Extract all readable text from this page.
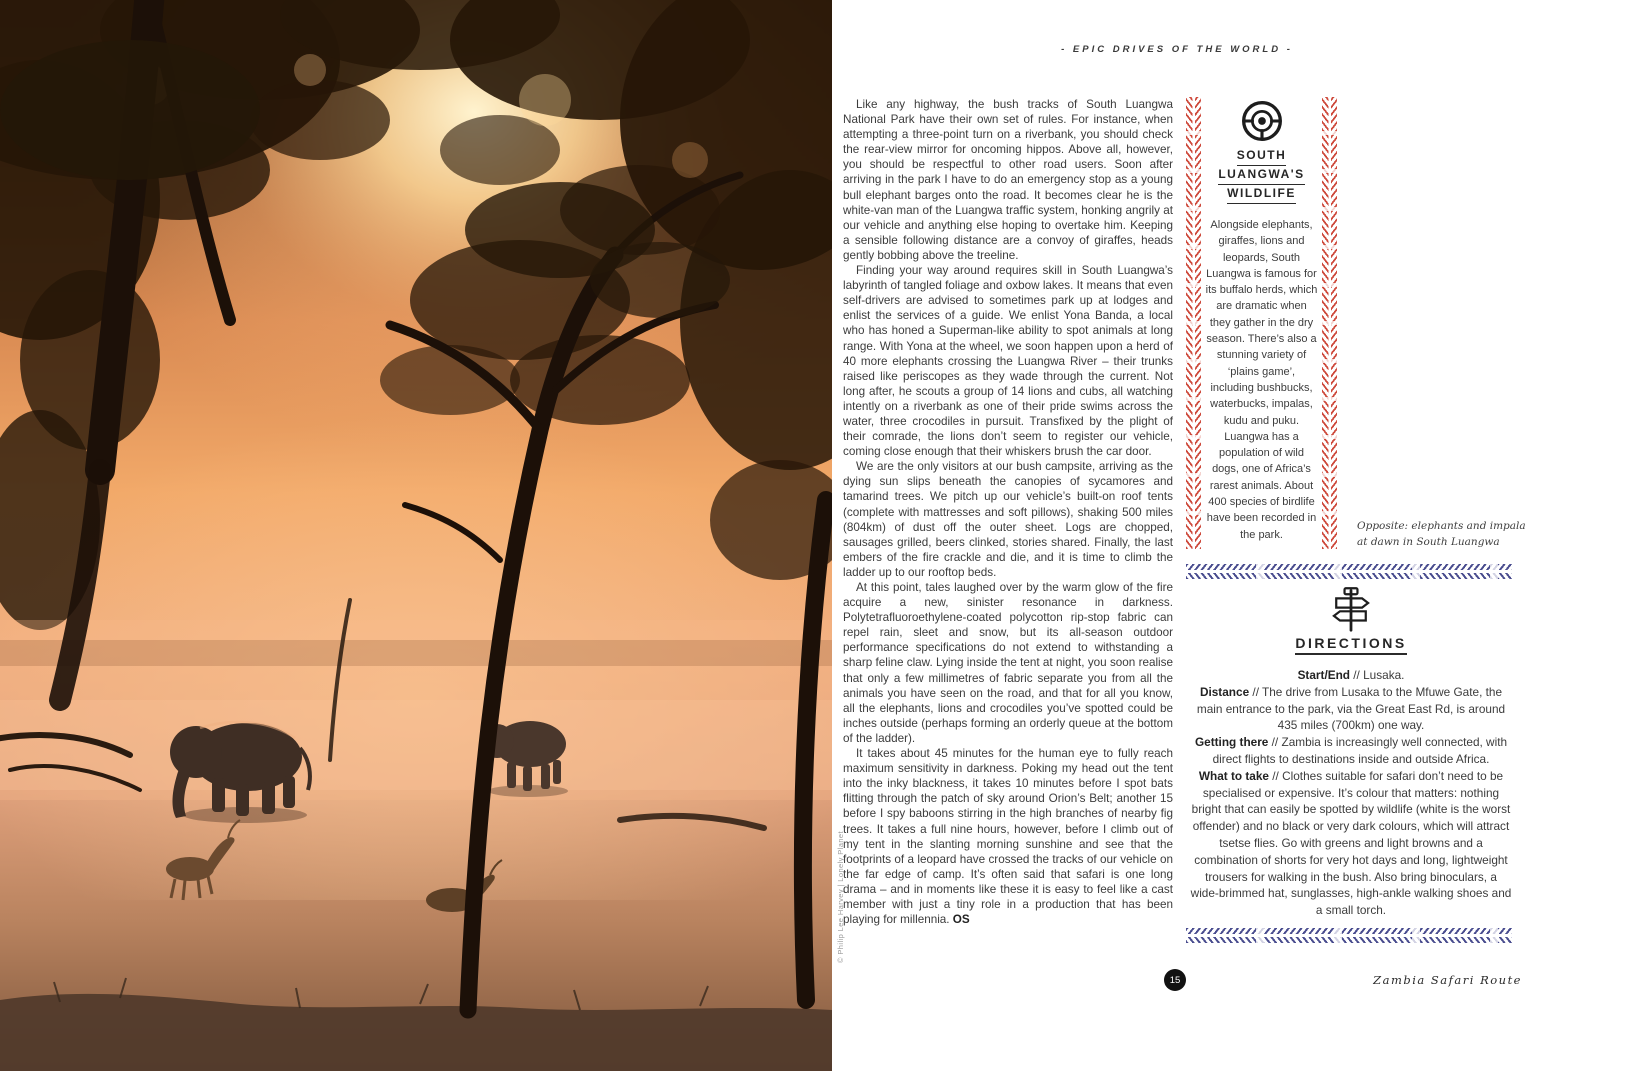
© Philip Lee Harvey | Lonely Planet
- EPIC DRIVES OF THE WORLD -

Like any highway, the bush tracks of South Luangwa National Park have their own set of rules. For instance, when attempting a three-point turn on a riverbank, you should check the rear-view mirror for oncoming hippos. Above all, however, you should be respectful to other road users. Soon after arriving in the park I have to do an emergency stop as a young bull elephant barges onto the road. It becomes clear he is the white-van man of the Luangwa traffic system, honking angrily at our vehicle and anything else hoping to overtake him. Keeping a sensible following distance are a convoy of giraffes, heads gently bobbing above the treeline.

Finding your way around requires skill in South Luangwa’s labyrinth of tangled foliage and oxbow lakes. It means that even self-drivers are advised to sometimes park up at lodges and enlist the services of a guide. We enlist Yona Banda, a local who has honed a Superman-like ability to spot animals at long range. With Yona at the wheel, we soon happen upon a herd of 40 more elephants crossing the Luangwa River – their trunks raised like periscopes as they wade through the current. Not long after, he scouts a group of 14 lions and cubs, all watching intently on a riverbank as one of their pride swims across the water, three crocodiles in pursuit. Transfixed by the plight of their comrade, the lions don’t seem to register our vehicle, coming close enough that their whiskers brush the car door.

We are the only visitors at our bush campsite, arriving as the dying sun slips beneath the canopies of sycamores and tamarind trees. We pitch up our vehicle’s built-on roof tents (complete with mattresses and soft pillows), shaking 500 miles (804km) of dust off the outer sheet. Logs are chopped, sausages grilled, beers clinked, stories shared. Finally, the last embers of the fire crackle and die, and it is time to climb the ladder up to our rooftop beds.

At this point, tales laughed over by the warm glow of the fire acquire a new, sinister resonance in darkness. Polytetrafluoroethylene-coated polycotton rip-stop fabric can repel rain, sleet and snow, but its all-season outdoor performance specifications do not extend to withstanding a sharp feline claw. Lying inside the tent at night, you soon realise that only a few millimetres of fabric separate you from all the animals you have seen on the road, and that for all you know, all the elephants, lions and crocodiles you’ve spotted could be inches outside (perhaps forming an orderly queue at the bottom of the ladder).

It takes about 45 minutes for the human eye to fully reach maximum sensitivity in darkness. Poking my head out the tent into the inky blackness, it takes 10 minutes before I spot bats flitting through the patch of sky around Orion’s Belt; another 15 before I spy baboons stirring in the high branches of nearby fig trees. It takes a full nine hours, however, before I climb out of my tent in the slanting morning sunshine and see that the footprints of a leopard have crossed the tracks of our vehicle on the far edge of camp. It’s often said that safari is one long drama – and in moments like these it is easy to feel like a cast member with just a tiny role in a production that has been playing for millennia. OS

SOUTH
LUANGWA'S
WILDLIFE

Alongside elephants, giraffes, lions and leopards, South Luangwa is famous for its buffalo herds, which are dramatic when they gather in the dry season. There’s also a stunning variety of ‘plains game’, including bushbucks, waterbucks, impalas, kudu and puku. Luangwa has a population of wild dogs, one of Africa’s rarest animals. About 400 species of birdlife have been recorded in the park.

Opposite: elephants and impala
at dawn in South Luangwa
DIRECTIONS

Start/End // Lusaka.

Distance // The drive from Lusaka to the Mfuwe Gate, the main entrance to the park, via the Great East Rd, is around 435 miles (700km) one way.

Getting there // Zambia is increasingly well connected, with direct flights to destinations inside and outside Africa.

What to take // Clothes suitable for safari don’t need to be specialised or expensive. It’s colour that matters: nothing bright that can easily be spotted by wildlife (white is the worst offender) and no black or very dark colours, which will attract tsetse flies. Go with greens and light browns and a combination of shorts for very hot days and long, lightweight trousers for walking in the bush. Also bring binoculars, a wide-brimmed hat, sunglasses, high-ankle walking shoes and a small torch.

15	Zambia Safari Route
